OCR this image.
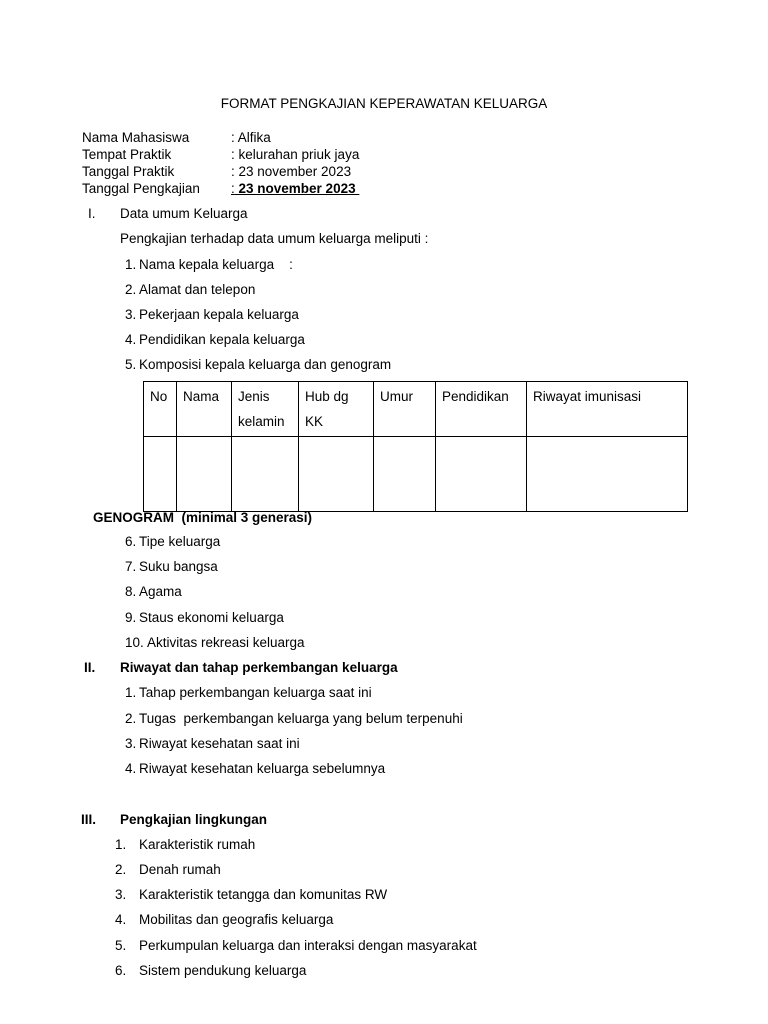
FORMAT PENGKAJIAN KEPERAWATAN KELUARGA
Nama Mahasiswa	: Alfika
Tempat Praktik	: kelurahan priuk jaya
Tanggal Praktik	: 23 november 2023
Tanggal Pengkajian : 23 november 2023
I. Data umum Keluarga
Pengkajian terhadap data umum keluarga meliputi :
1. Nama kepala keluarga    :
2. Alamat dan telepon
3. Pekerjaan kepala keluarga
4. Pendidikan kepala keluarga
5. Komposisi kepala keluarga dan genogram
No	Nama	Jenis kelamin	Hub dg KK	Umur	Pendidikan	Riwayat imunisasi

GENOGRAM  (minimal 3 generasi)
6. Tipe keluarga
7. Suku bangsa
8. Agama
9. Staus ekonomi keluarga
10. Aktivitas rekreasi keluarga
II. Riwayat dan tahap perkembangan keluarga
1. Tahap perkembangan keluarga saat ini
2. Tugas  perkembangan keluarga yang belum terpenuhi
3. Riwayat kesehatan saat ini
4. Riwayat kesehatan keluarga sebelumnya
III. Pengkajian lingkungan
1. Karakteristik rumah
2. Denah rumah
3. Karakteristik tetangga dan komunitas RW
4. Mobilitas dan geografis keluarga
5. Perkumpulan keluarga dan interaksi dengan masyarakat
6. Sistem pendukung keluarga
